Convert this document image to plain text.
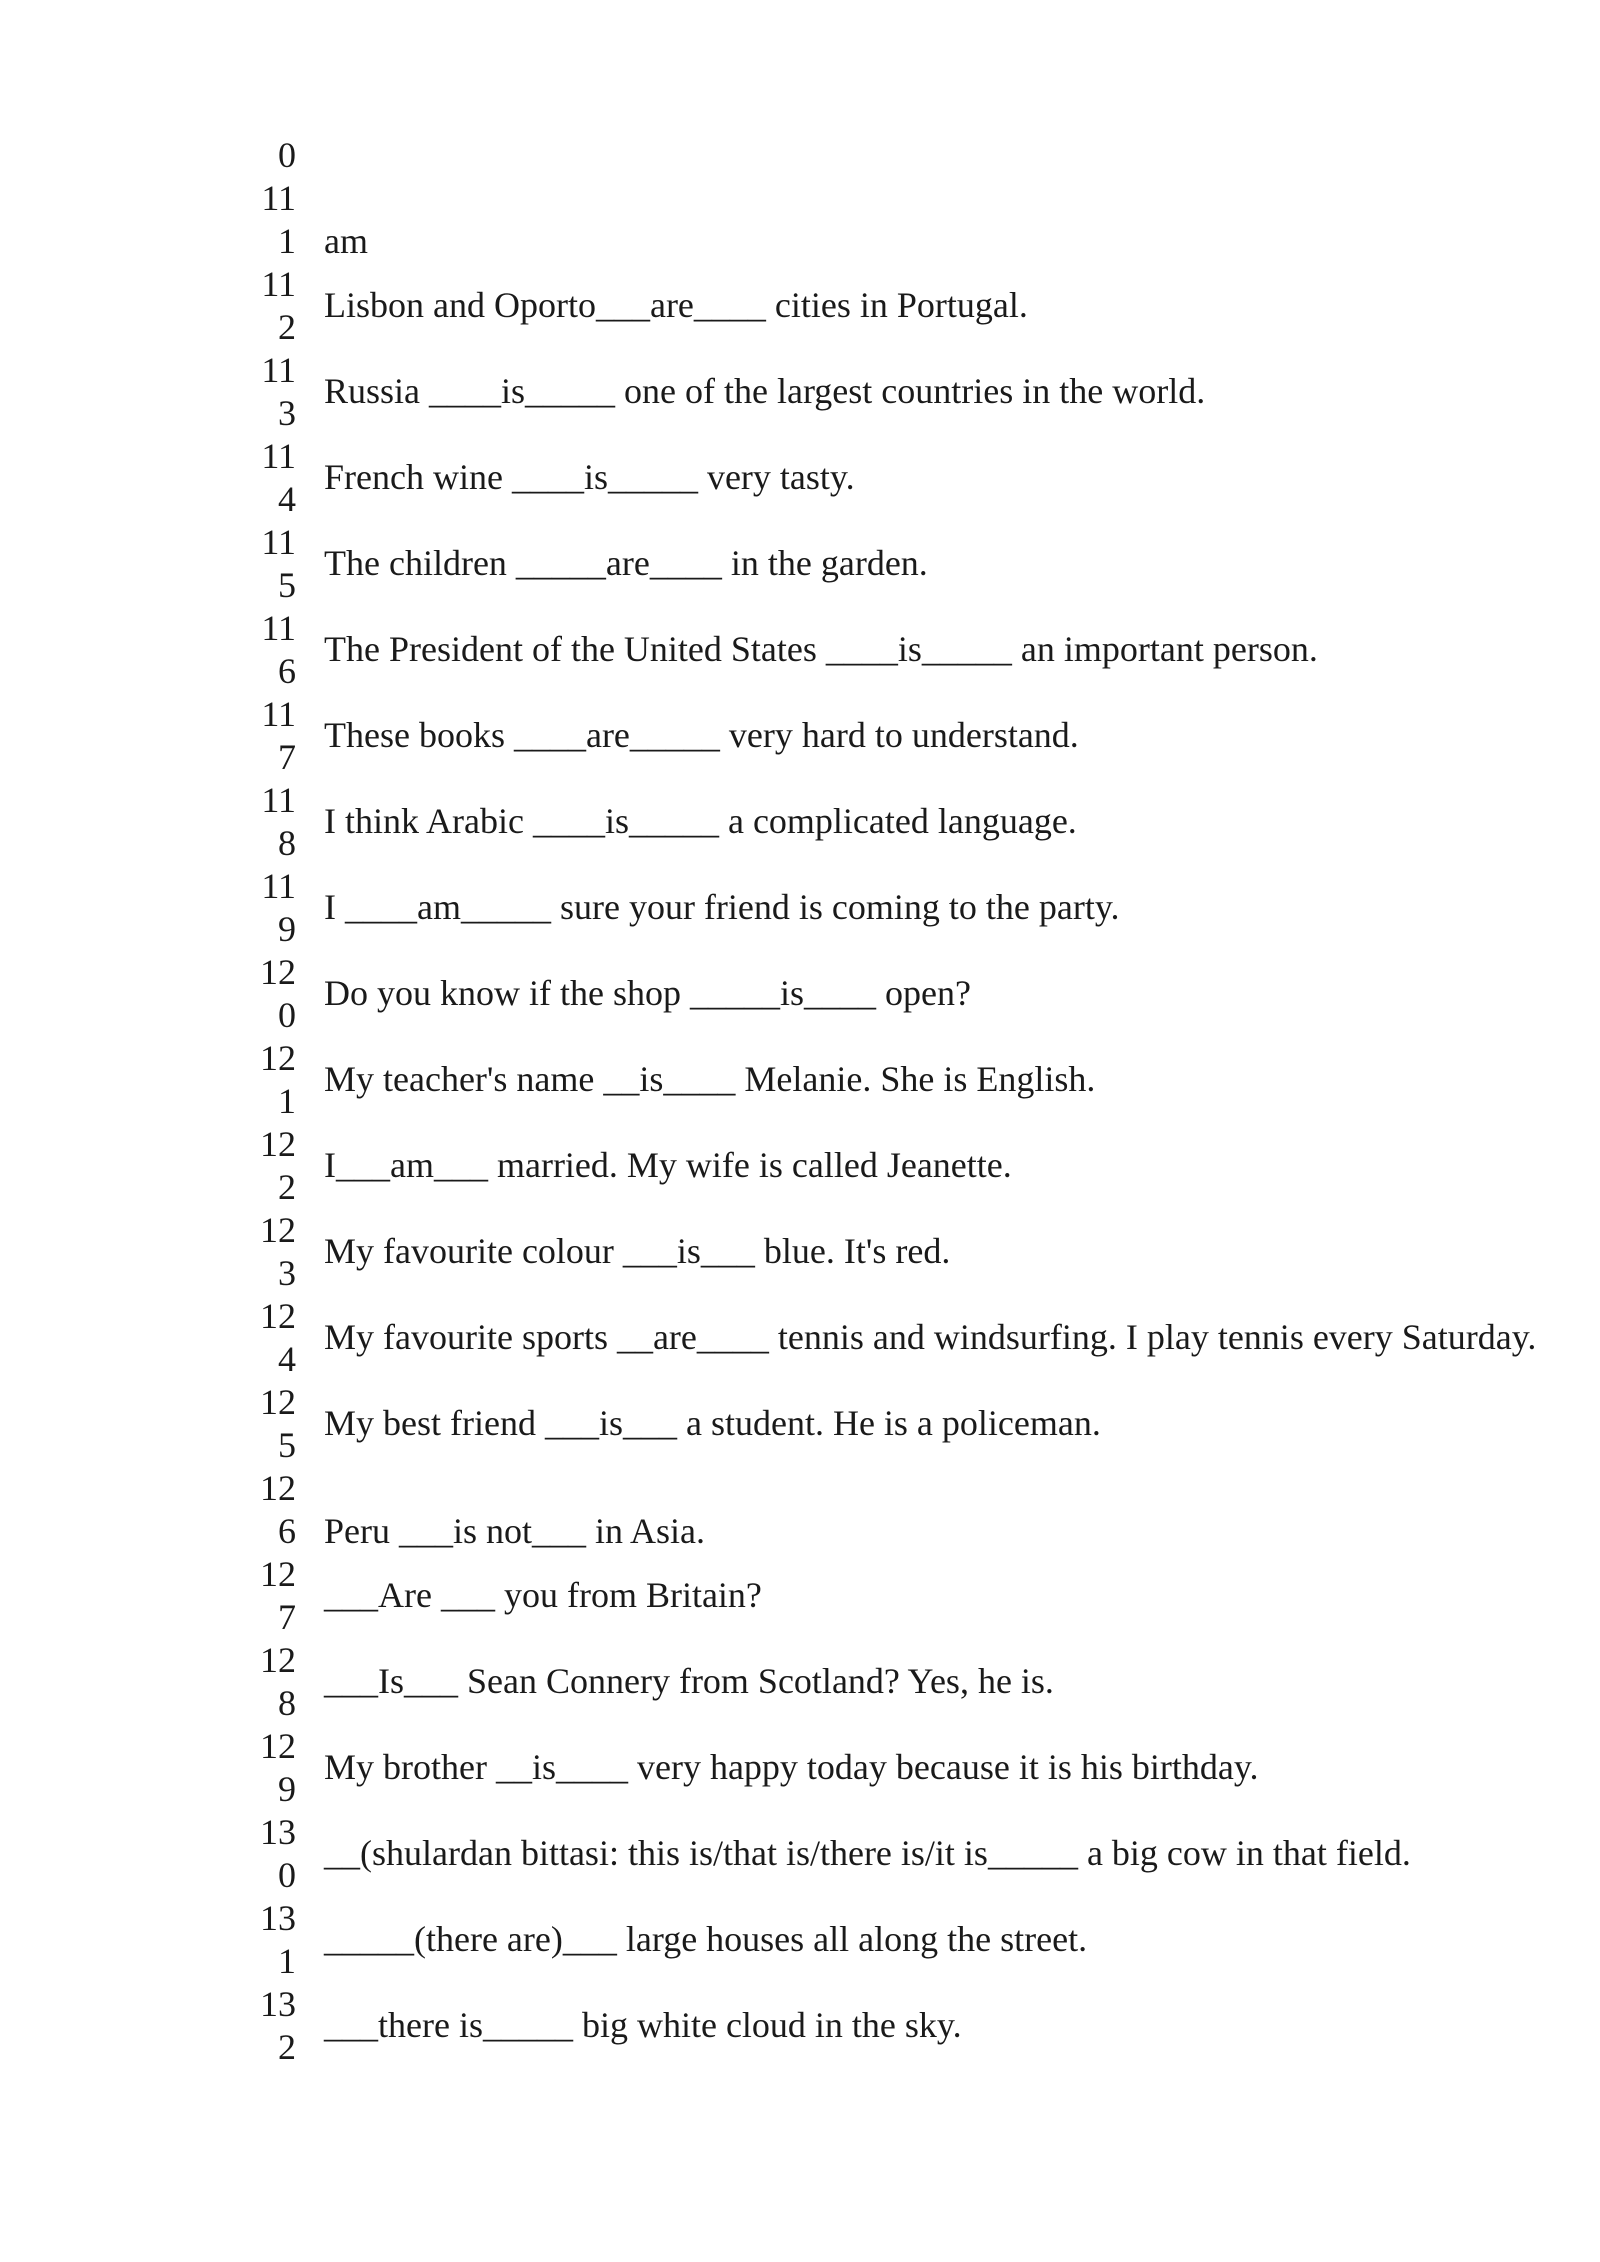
0
11
1
11
2
11
3
11
4
11
5
11
6
11
7
11
8
11
9
12
0
12
1
12
2
12
3
12
4
12
5
12
6
12
7
12
8
12
9
13
0
13
1
13
2
am
Lisbon and Oporto___are____ cities in Portugal.
Russia ____is_____ one of the largest countries in the world.
French wine ____is_____ very tasty.
The children _____are____ in the garden.
The President of the United States ____is_____ an important person.
These books ____are_____ very hard to understand.
I think Arabic ____is_____ a complicated language.
I ____am_____ sure your friend is coming to the party.
Do you know if the shop _____is____ open?
My teacher's name __is____ Melanie. She is English.
I___am___ married. My wife is called Jeanette.
My favourite colour ___is___ blue. It's red.
My favourite sports __are____ tennis and windsurfing. I play tennis every Saturday.
My best friend ___is___ a student. He is a policeman.
Peru ___is not___ in Asia.
___Are ___ you from Britain?
___Is___ Sean Connery from Scotland? Yes, he is.
My brother __is____ very happy today because it is his birthday.
__(shulardan bittasi: this is/that is/there is/it is_____ a big cow in that field.
_____(there are)___ large houses all along the street.
___there is_____ big white cloud in the sky.
